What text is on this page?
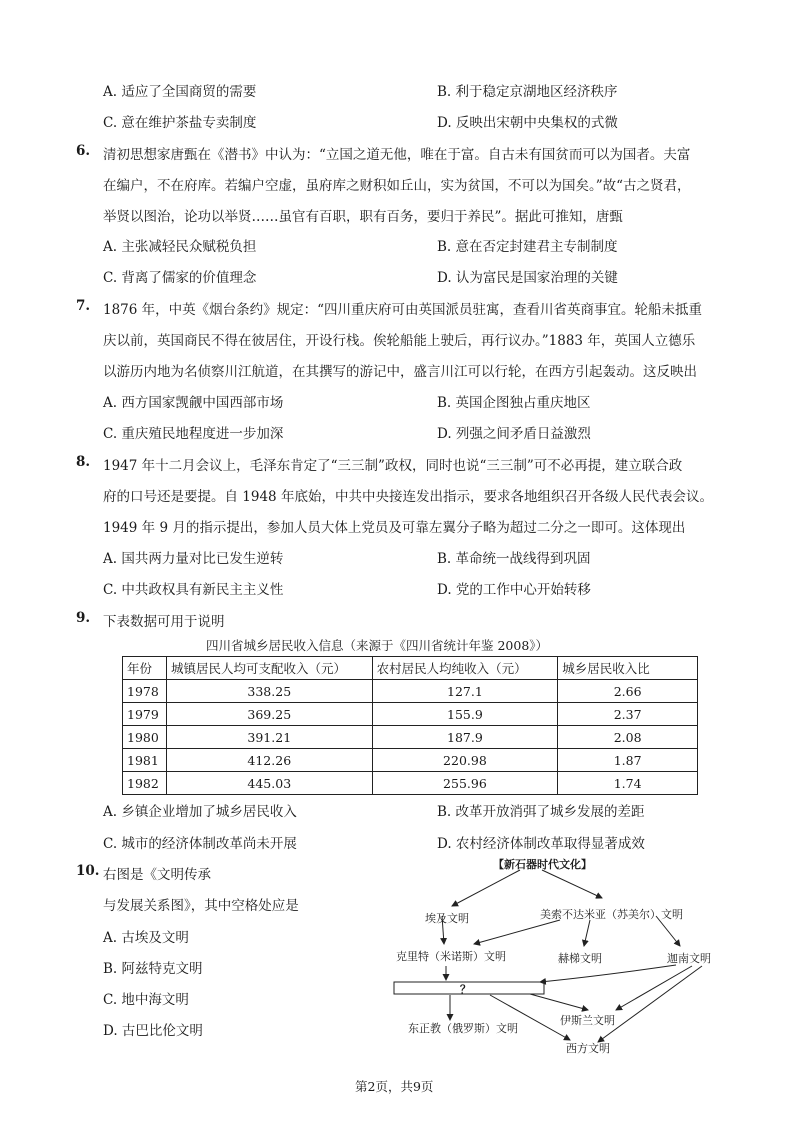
A. 适应了全国商贸的需要	B. 利于稳定京湖地区经济秩序
C. 意在维护茶盐专卖制度	D. 反映出宋朝中央集权的式微
6. 清初思想家唐甄在《潜书》中认为：“立国之道无他，唯在于富。自古未有国贫而可以为国者。夫富
在编户，不在府库。若编户空虚，虽府库之财积如丘山，实为贫国，不可以为国矣。”故“古之贤君，
举贤以图治，论功以举贤……虽官有百职，职有百务，要归于养民”。据此可推知，唐甄
A. 主张减轻民众赋税负担	B. 意在否定封建君主专制制度
C. 背离了儒家的价值理念	D. 认为富民是国家治理的关键
7. 1876 年，中英《烟台条约》规定：“四川重庆府可由英国派员驻寓，查看川省英商事宜。轮船未抵重
庆以前，英国商民不得在彼居住，开设行栈。俟轮船能上驶后，再行议办。”1883 年，英国人立德乐
以游历内地为名侦察川江航道，在其撰写的游记中，盛言川江可以行轮，在西方引起轰动。这反映出
A. 西方国家觊觎中国西部市场	B. 英国企图独占重庆地区
C. 重庆殖民地程度进一步加深	D. 列强之间矛盾日益激烈
8. 1947 年十二月会议上，毛泽东肯定了“三三制”政权，同时也说“三三制”可不必再提，建立联合政
府的口号还是要提。自 1948 年底始，中共中央接连发出指示，要求各地组织召开各级人民代表会议。
1949 年 9 月的指示提出，参加人员大体上党员及可靠左翼分子略为超过二分之一即可。这体现出
A. 国共两力量对比已发生逆转	B. 革命统一战线得到巩固
C. 中共政权具有新民主主义性	D. 党的工作中心开始转移
9. 下表数据可用于说明
四川省城乡居民收入信息（来源于《四川省统计年鉴 2008》）
年份	城镇居民人均可支配收入（元）	农村居民人均纯收入（元）	城乡居民收入比
1978	338.25	127.1	2.66
1979	369.25	155.9	2.37
1980	391.21	187.9	2.08
1981	412.26	220.98	1.87
1982	445.03	255.96	1.74
A. 乡镇企业增加了城乡居民收入	B. 改革开放消弭了城乡发展的差距
C. 城市的经济体制改革尚未开展	D. 农村经济体制改革取得显著成效
10. 右图是《文明传承
与发展关系图》，其中空格处应是
A. 古埃及文明
B. 阿兹特克文明
C. 地中海文明
D. 古巴比伦文明
【新石器时代文化】
埃及文明	美索不达米亚（苏美尔）文明
克里特（米诺斯）文明	赫梯文明	迦南文明
？
伊斯兰文明
东正教（俄罗斯）文明
西方文明
第2页，共9页
